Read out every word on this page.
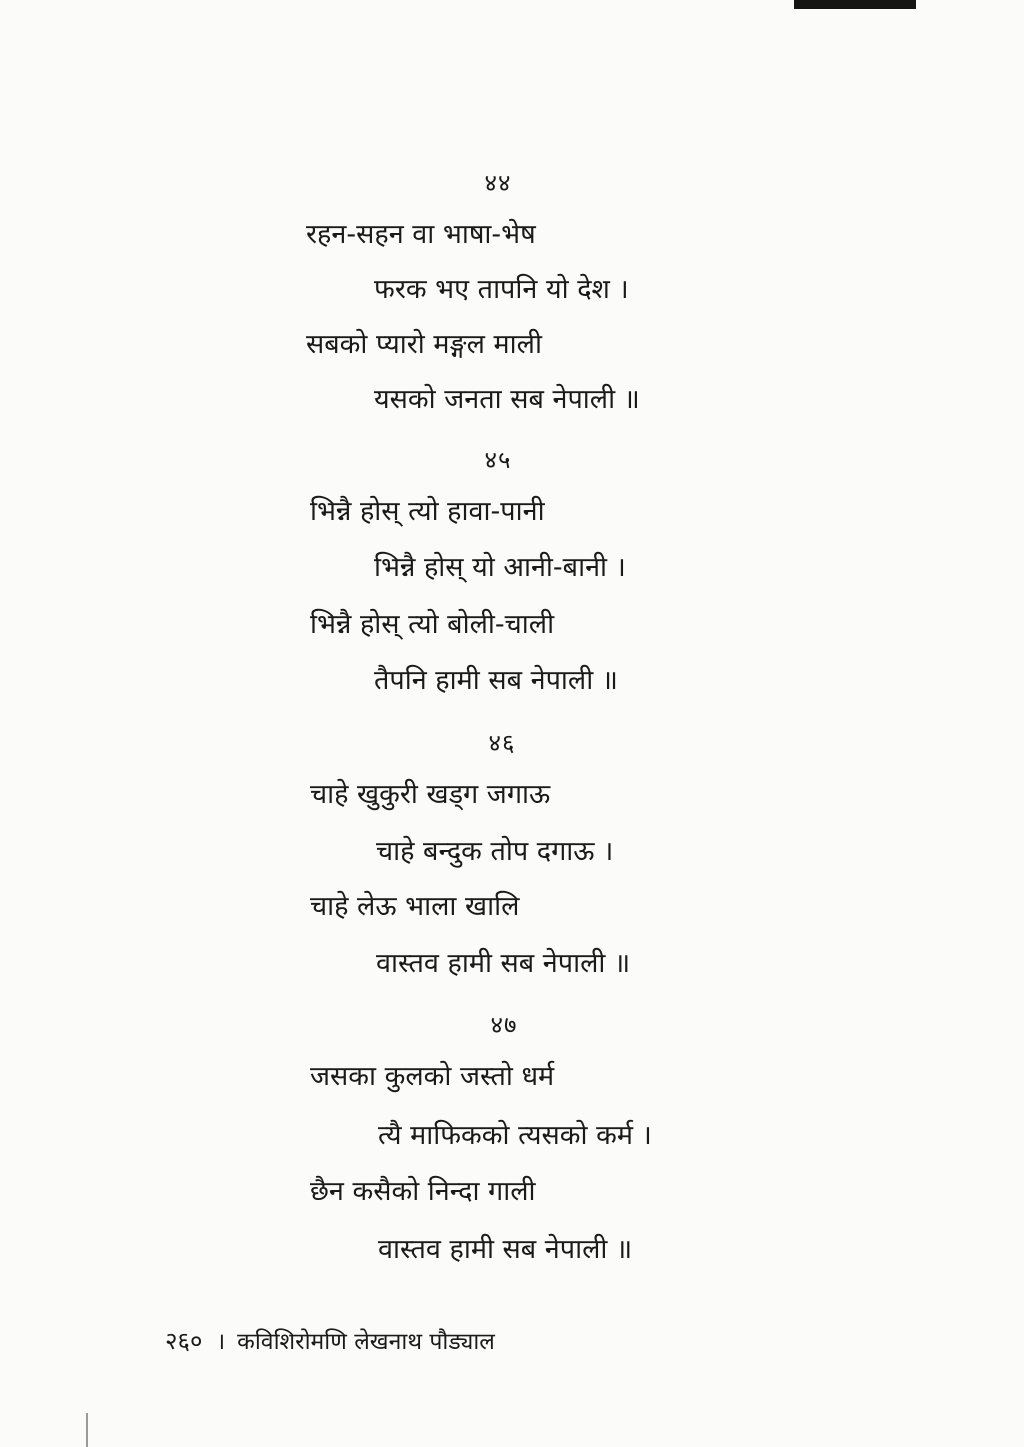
४४
रहन-सहन वा भाषा-भेष
फरक भए तापनि यो देश ।
सबको प्यारो मङ्गल माली
यसको जनता सब नेपाली ॥
४५
भिन्नै होस् त्यो हावा-पानी
भिन्नै होस् यो आनी-बानी ।
भिन्नै होस् त्यो बोली-चाली
तैपनि हामी सब नेपाली ॥
४६
चाहे खुकुरी खड्ग जगाऊ
चाहे बन्दुक तोप दगाऊ ।
चाहे लेऊ भाला खालि
वास्तव हामी सब नेपाली ॥
४७
जसका कुलको जस्तो धर्म
त्यै माफिकको त्यसको कर्म ।
छैन कसैको निन्दा गाली
वास्तव हामी सब नेपाली ॥
२६० । कविशिरोमणि लेखनाथ पौड्याल
